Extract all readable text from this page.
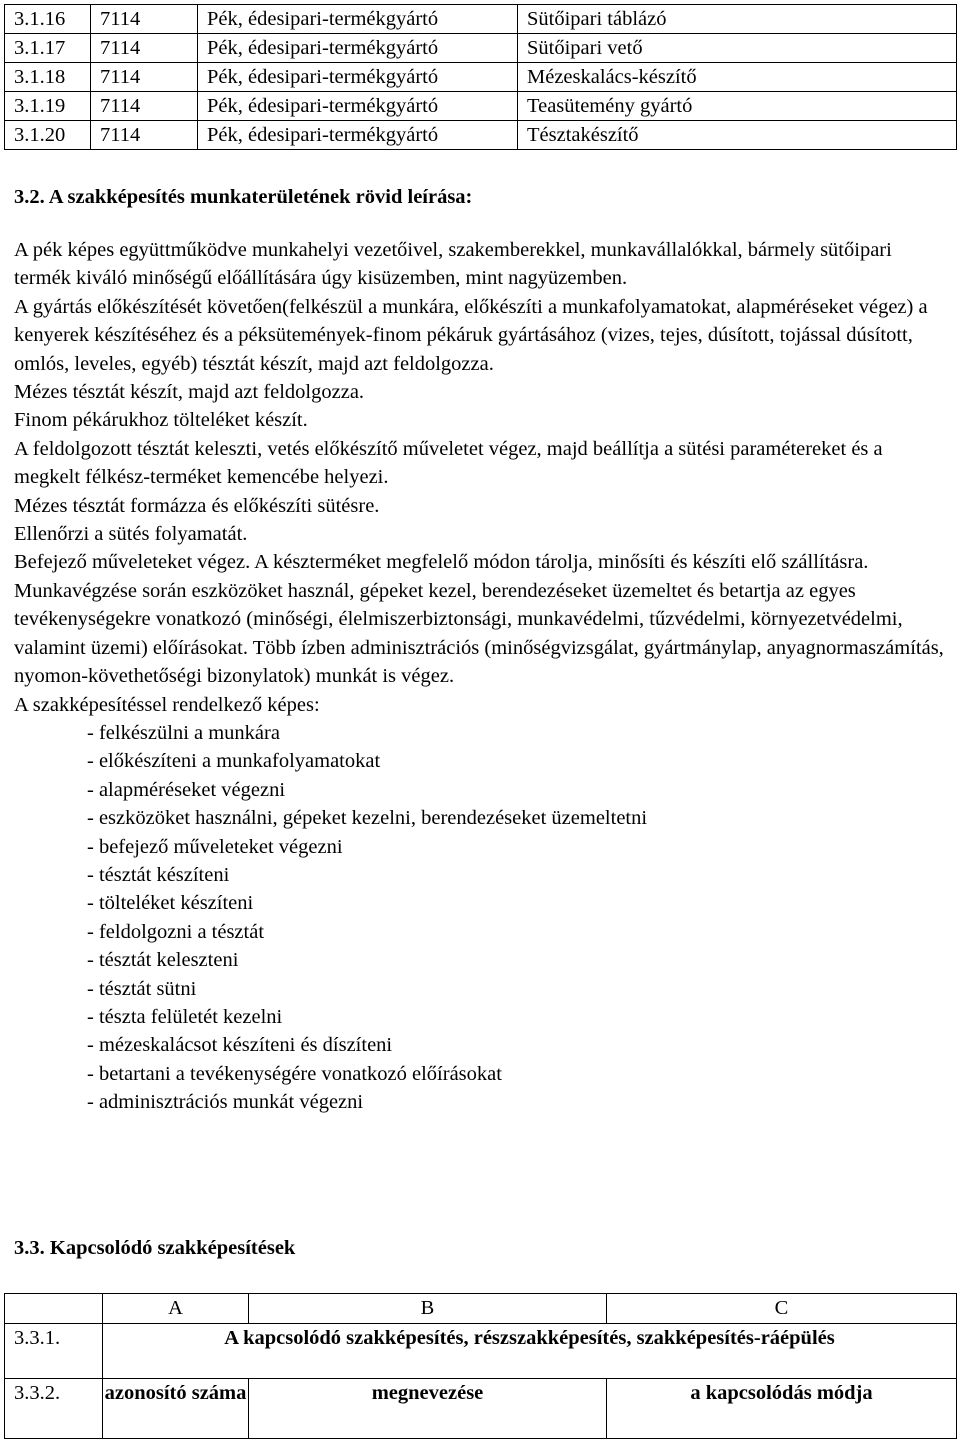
3.1.16	7114	Pék, édesipari-termékgyártó	Sütőipari táblázó
3.1.17	7114	Pék, édesipari-termékgyártó	Sütőipari vető
3.1.18	7114	Pék, édesipari-termékgyártó	Mézeskalács-készítő
3.1.19	7114	Pék, édesipari-termékgyártó	Teasütemény gyártó
3.1.20	7114	Pék, édesipari-termékgyártó	Tésztakészítő
3.2. A szakképesítés munkaterületének rövid leírása:

A pék képes együttműködve munkahelyi vezetőivel, szakemberekkel, munkavállalókkal, bármely sütőipari termék kiváló minőségű előállítására úgy kisüzemben, mint nagyüzemben.

A gyártás előkészítését követően(felkészül a munkára, előkészíti a munkafolyamatokat, alapméréseket végez) a kenyerek készítéséhez és a péksütemények-finom pékáruk gyártásához (vizes, tejes, dúsított, tojással dúsított, omlós, leveles, egyéb) tésztát készít, majd azt feldolgozza.

Mézes tésztát készít, majd azt feldolgozza.

Finom pékárukhoz tölteléket készít.

A feldolgozott tésztát keleszti, vetés előkészítő műveletet végez, majd beállítja a sütési paramétereket és a megkelt félkész-terméket kemencébe helyezi.

Mézes tésztát formázza és előkészíti sütésre.

Ellenőrzi a sütés folyamatát.

Befejező műveleteket végez. A készterméket megfelelő módon tárolja, minősíti és készíti elő szállításra.

Munkavégzése során eszközöket használ, gépeket kezel, berendezéseket üzemeltet és betartja az egyes tevékenységekre vonatkozó (minőségi, élelmiszerbiztonsági, munkavédelmi, tűzvédelmi, környezetvédelmi, valamint üzemi) előírásokat. Több ízben adminisztrációs (minőségvizsgálat, gyártmánylap, anyagnormaszámítás, nyomon-követhetőségi bizonylatok) munkát is végez.

A szakképesítéssel rendelkező képes:

- felkészülni a munkára
- előkészíteni a munkafolyamatokat
- alapméréseket végezni
- eszközöket használni, gépeket kezelni, berendezéseket üzemeltetni
- befejező műveleteket végezni
- tésztát készíteni
- tölteléket készíteni
- feldolgozni a tésztát
- tésztát keleszteni
- tésztát sütni
- tészta felületét kezelni
- mézeskalácsot készíteni és díszíteni
- betartani a tevékenységére vonatkozó előírásokat
- adminisztrációs munkát végezni
3.3. Kapcsolódó szakképesítések
	A	B	C
3.3.1.	A kapcsolódó szakképesítés, részszakképesítés, szakképesítés-ráépülés		
3.3.2.	azonosító száma	megnevezése	a kapcsolódás módja
